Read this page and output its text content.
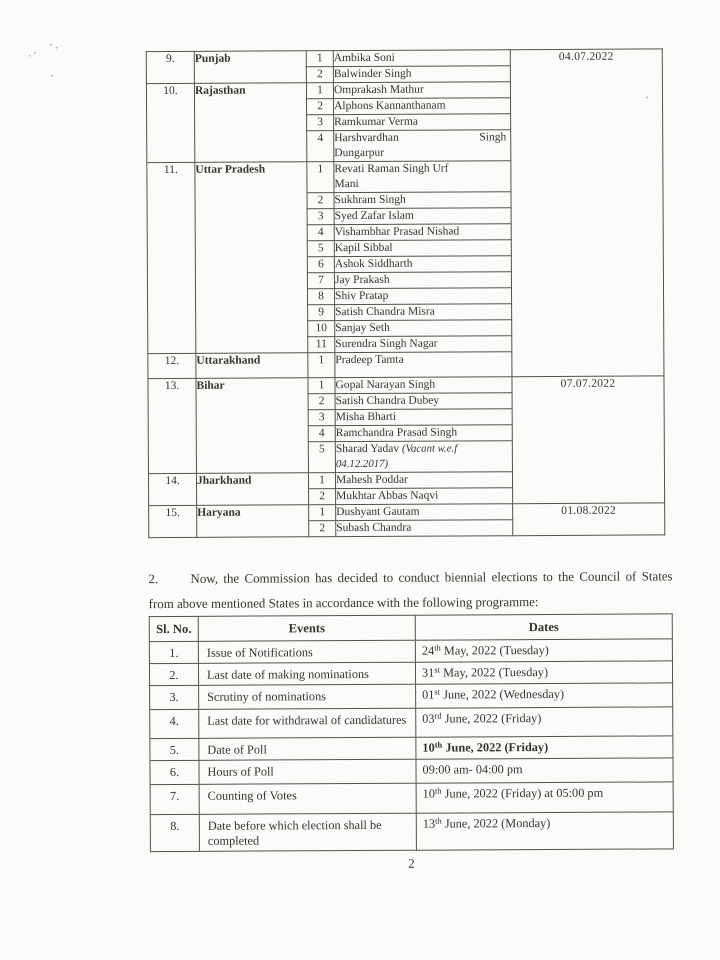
9.	Punjab	1	Ambika Soni	04.07.2022
		2	Balwinder Singh	
10.	Rajasthan	1	Omprakash Mathur	
		2	Alphons Kannanthanam	
		3	Ramkumar Verma	
		4	Harshvardhan Singh
Dungarpur	

11.	Uttar Pradesh	1	Revati Raman Singh Urf
Mani	

		2	Sukhram Singh	
		3	Syed Zafar Islam	
		4	Vishambhar Prasad Nishad	
		5	Kapil Sibbal	
		6	Ashok Siddharth	
		7	Jay Prakash	
		8	Shiv Pratap	
		9	Satish Chandra Misra	
		10	Sanjay Seth	
		11	Surendra Singh Nagar	
12.	Uttarakhand	1	Pradeep Tamta	
13.	Bihar	1	Gopal Narayan Singh	07.07.2022
		2	Satish Chandra Dubey	
		3	Misha Bharti	
		4	Ramchandra Prasad Singh	
		5	Sharad Yadav (Vacant w.e.f 04.12.2017)	
14.	Jharkhand	1	Mahesh Poddar	
		2	Mukhtar Abbas Naqvi	
15.	Haryana	1	Dushyant Gautam	01.08.2022
		2	Subash Chandra	
2.	Now, the Commission has decided to conduct biennial elections to the Council of States from above mentioned States in accordance with the following programme:
Sl. No.	Events	Dates
1.	Issue of Notifications	24th May, 2022 (Tuesday)
2.	Last date of making nominations	31st May, 2022 (Tuesday)
3.	Scrutiny of nominations	01st June, 2022 (Wednesday)
4.	Last date for withdrawal of candidatures	03rd June, 2022 (Friday)
5.	Date of Poll	10th June, 2022 (Friday)
6.	Hours of Poll	09:00 am- 04:00 pm
7.	Counting of Votes	10th June, 2022 (Friday) at 05:00 pm
8.	Date before which election shall be completed	13th June, 2022 (Monday)
2
